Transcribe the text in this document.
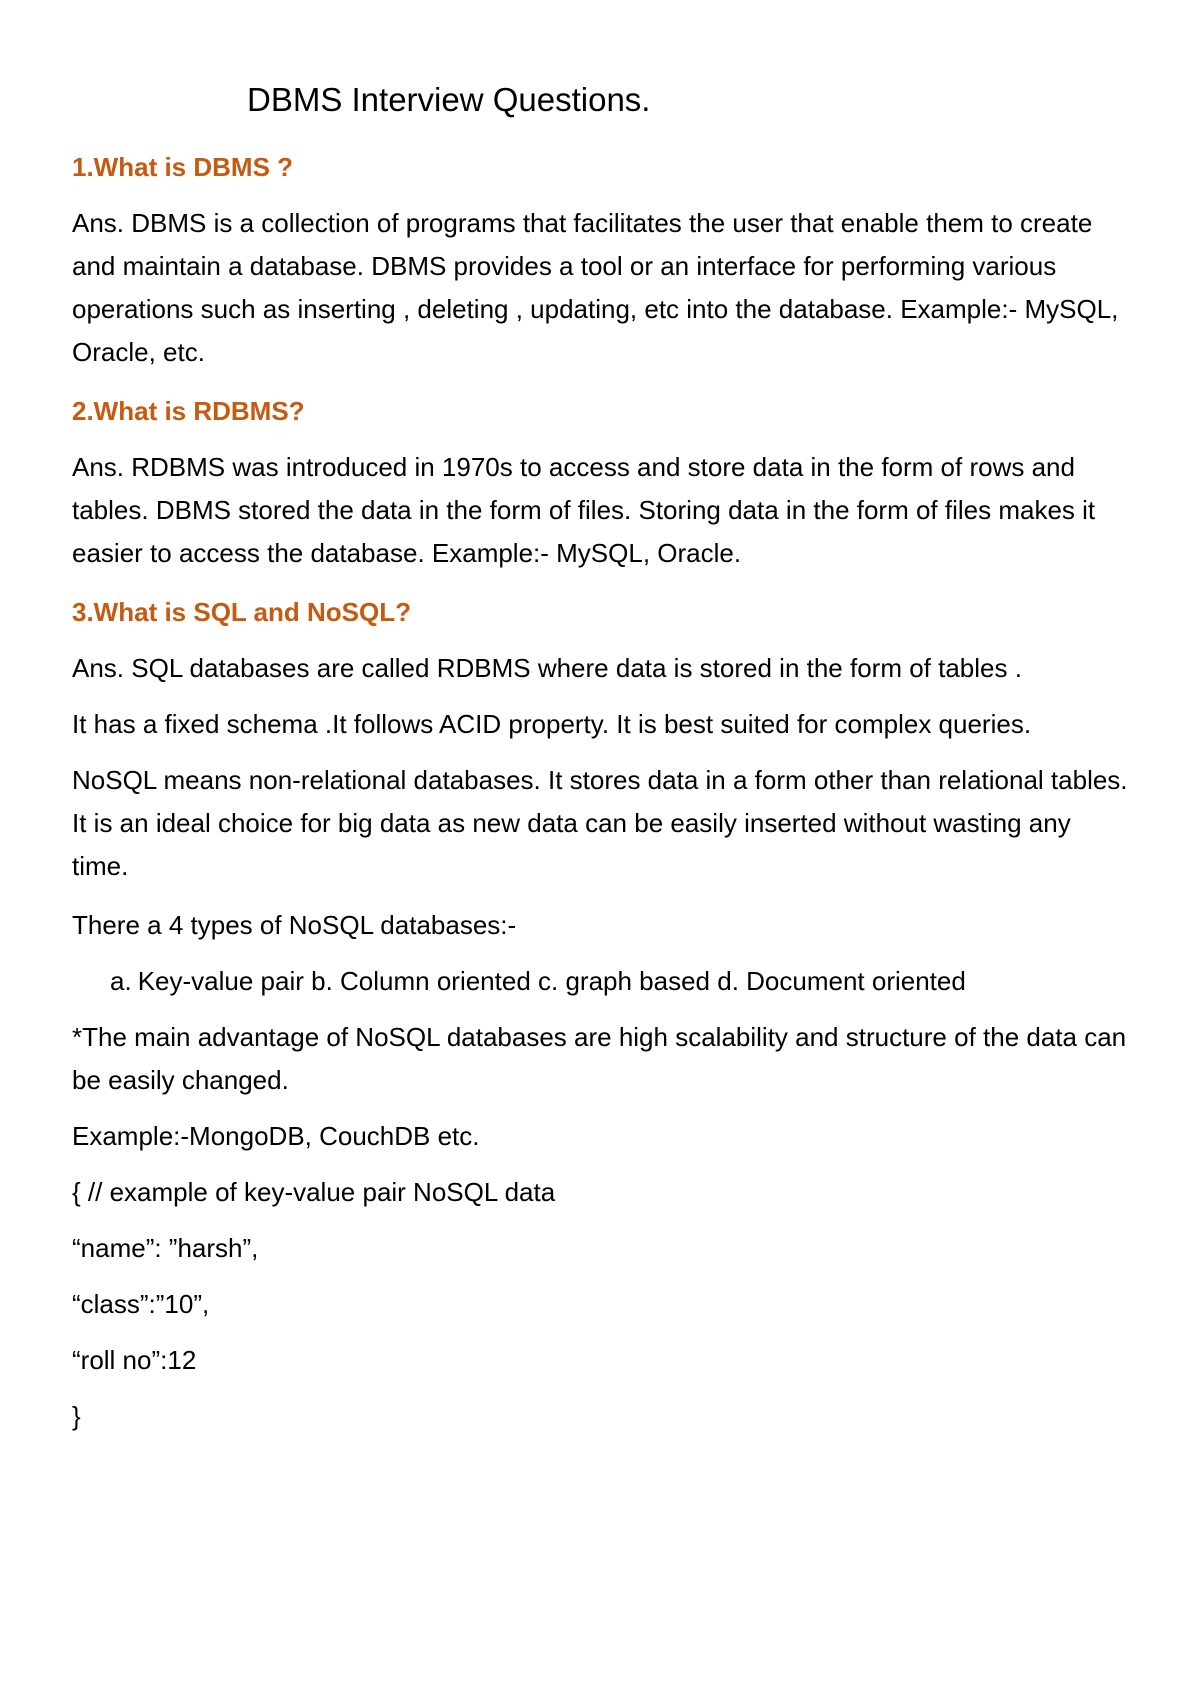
DBMS Interview Questions.
1.What is DBMS ?
Ans. DBMS is a collection of programs that facilitates the user that enable them to create and maintain a database. DBMS provides a tool or an interface for performing various operations such as inserting , deleting , updating, etc into the database. Example:- MySQL, Oracle, etc.
2.What is RDBMS?
Ans. RDBMS was introduced in 1970s to access and store data in the form of rows and tables. DBMS stored the data in the form of files. Storing data in the form of files makes it easier to access the database. Example:- MySQL, Oracle.
3.What is SQL and NoSQL?
Ans. SQL databases are called RDBMS where data is stored in the form of tables .
It has a fixed schema .It follows ACID property. It is best suited for complex queries.
NoSQL means non-relational databases. It stores data in a form other than relational tables. It is an ideal choice for big data as new data can be easily inserted without wasting any time.
There a 4 types of NoSQL databases:-
a. Key-value pair b. Column oriented c. graph based d. Document oriented
*The main advantage of NoSQL databases are high scalability and structure of the data can be easily changed.
Example:-MongoDB, CouchDB etc.
{ // example of key-value pair NoSQL data
“name”: ”harsh”,
“class”:”10”,
“roll no”:12
}
